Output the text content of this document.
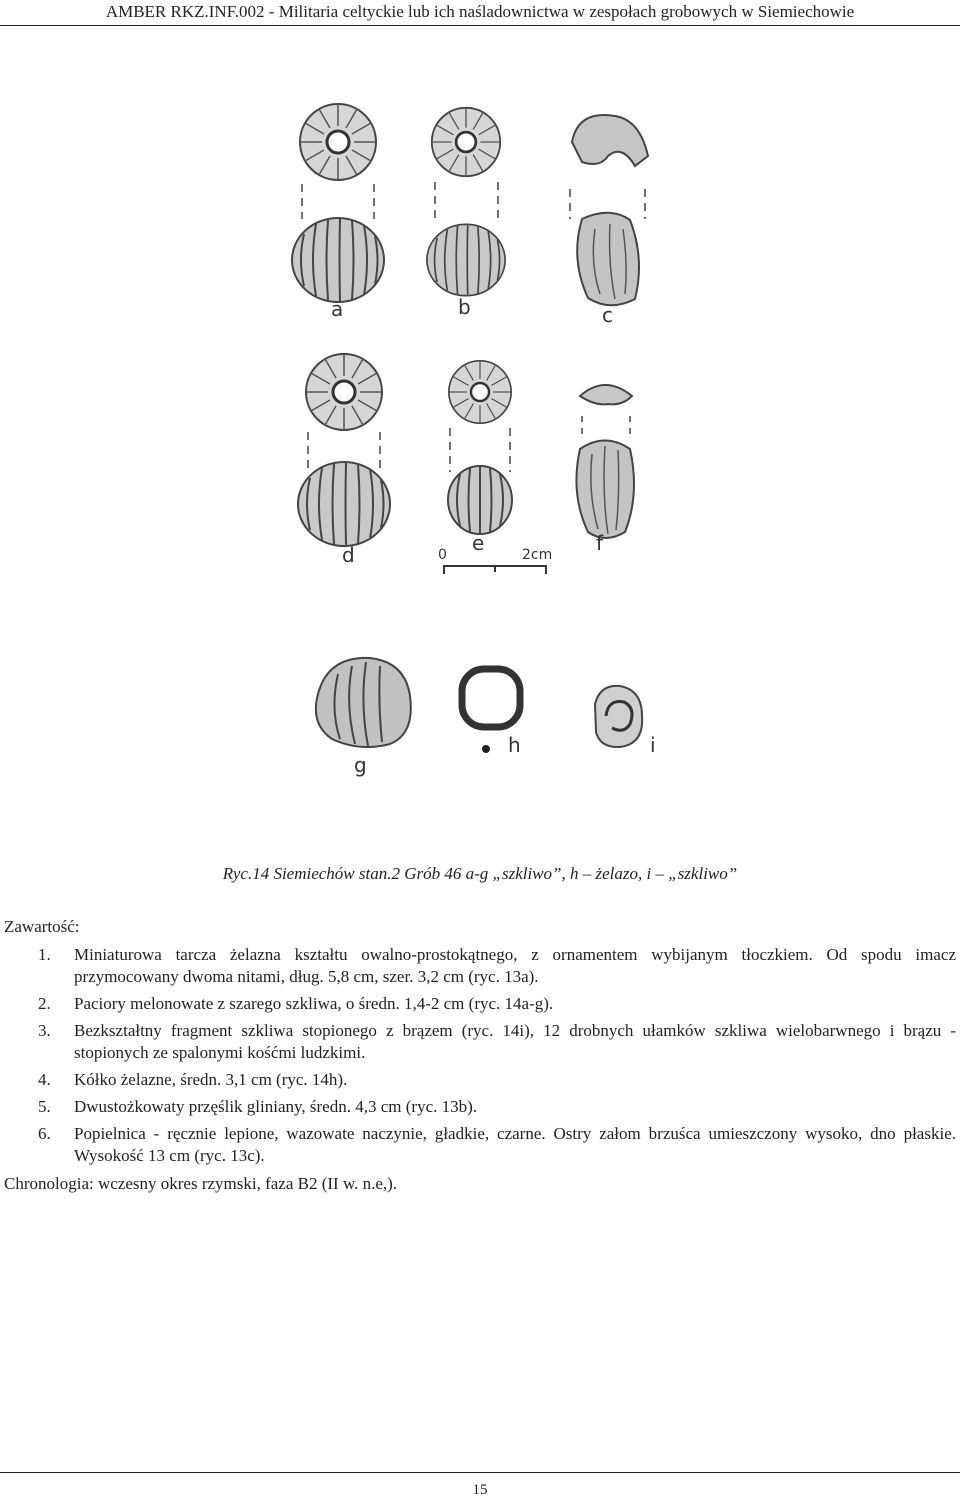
AMBER RKZ.INF.002 - Militaria celtyckie lub ich naśladownictwa w zespołach grobowych w Siemiechowie
0	2cm
a	b	c
d	e	f
g
h	i
Ryc.14 Siemiechów stan.2 Grób 46 a-g „szkliwo”, h – żelazo, i – „szkliwo”

Zawartość:

1. Miniaturowa tarcza żelazna kształtu owalno-prostokątnego, z ornamentem wybijanym tłoczkiem. Od spodu imacz przymocowany dwoma nitami, dług. 5,8 cm, szer. 3,2 cm (ryc. 13a).
2. Paciory melonowate z szarego szkliwa, o średn. 1,4-2 cm (ryc. 14a-g).
3. Bezkształtny fragment szkliwa stopionego z brązem (ryc. 14i), 12 drobnych ułamków szkliwa wielobarwnego i brązu - stopionych ze spalonymi kośćmi ludzkimi.
4. Kółko żelazne, średn. 3,1 cm (ryc. 14h).
5. Dwustożkowaty przęślik gliniany, średn. 4,3 cm (ryc. 13b).
6. Popielnica - ręcznie lepione, wazowate naczynie, gładkie, czarne. Ostry załom brzuśca umieszczony wysoko, dno płaskie. Wysokość 13 cm (ryc. 13c).

Chronologia: wczesny okres rzymski, faza B2 (II w. n.e,).

15
